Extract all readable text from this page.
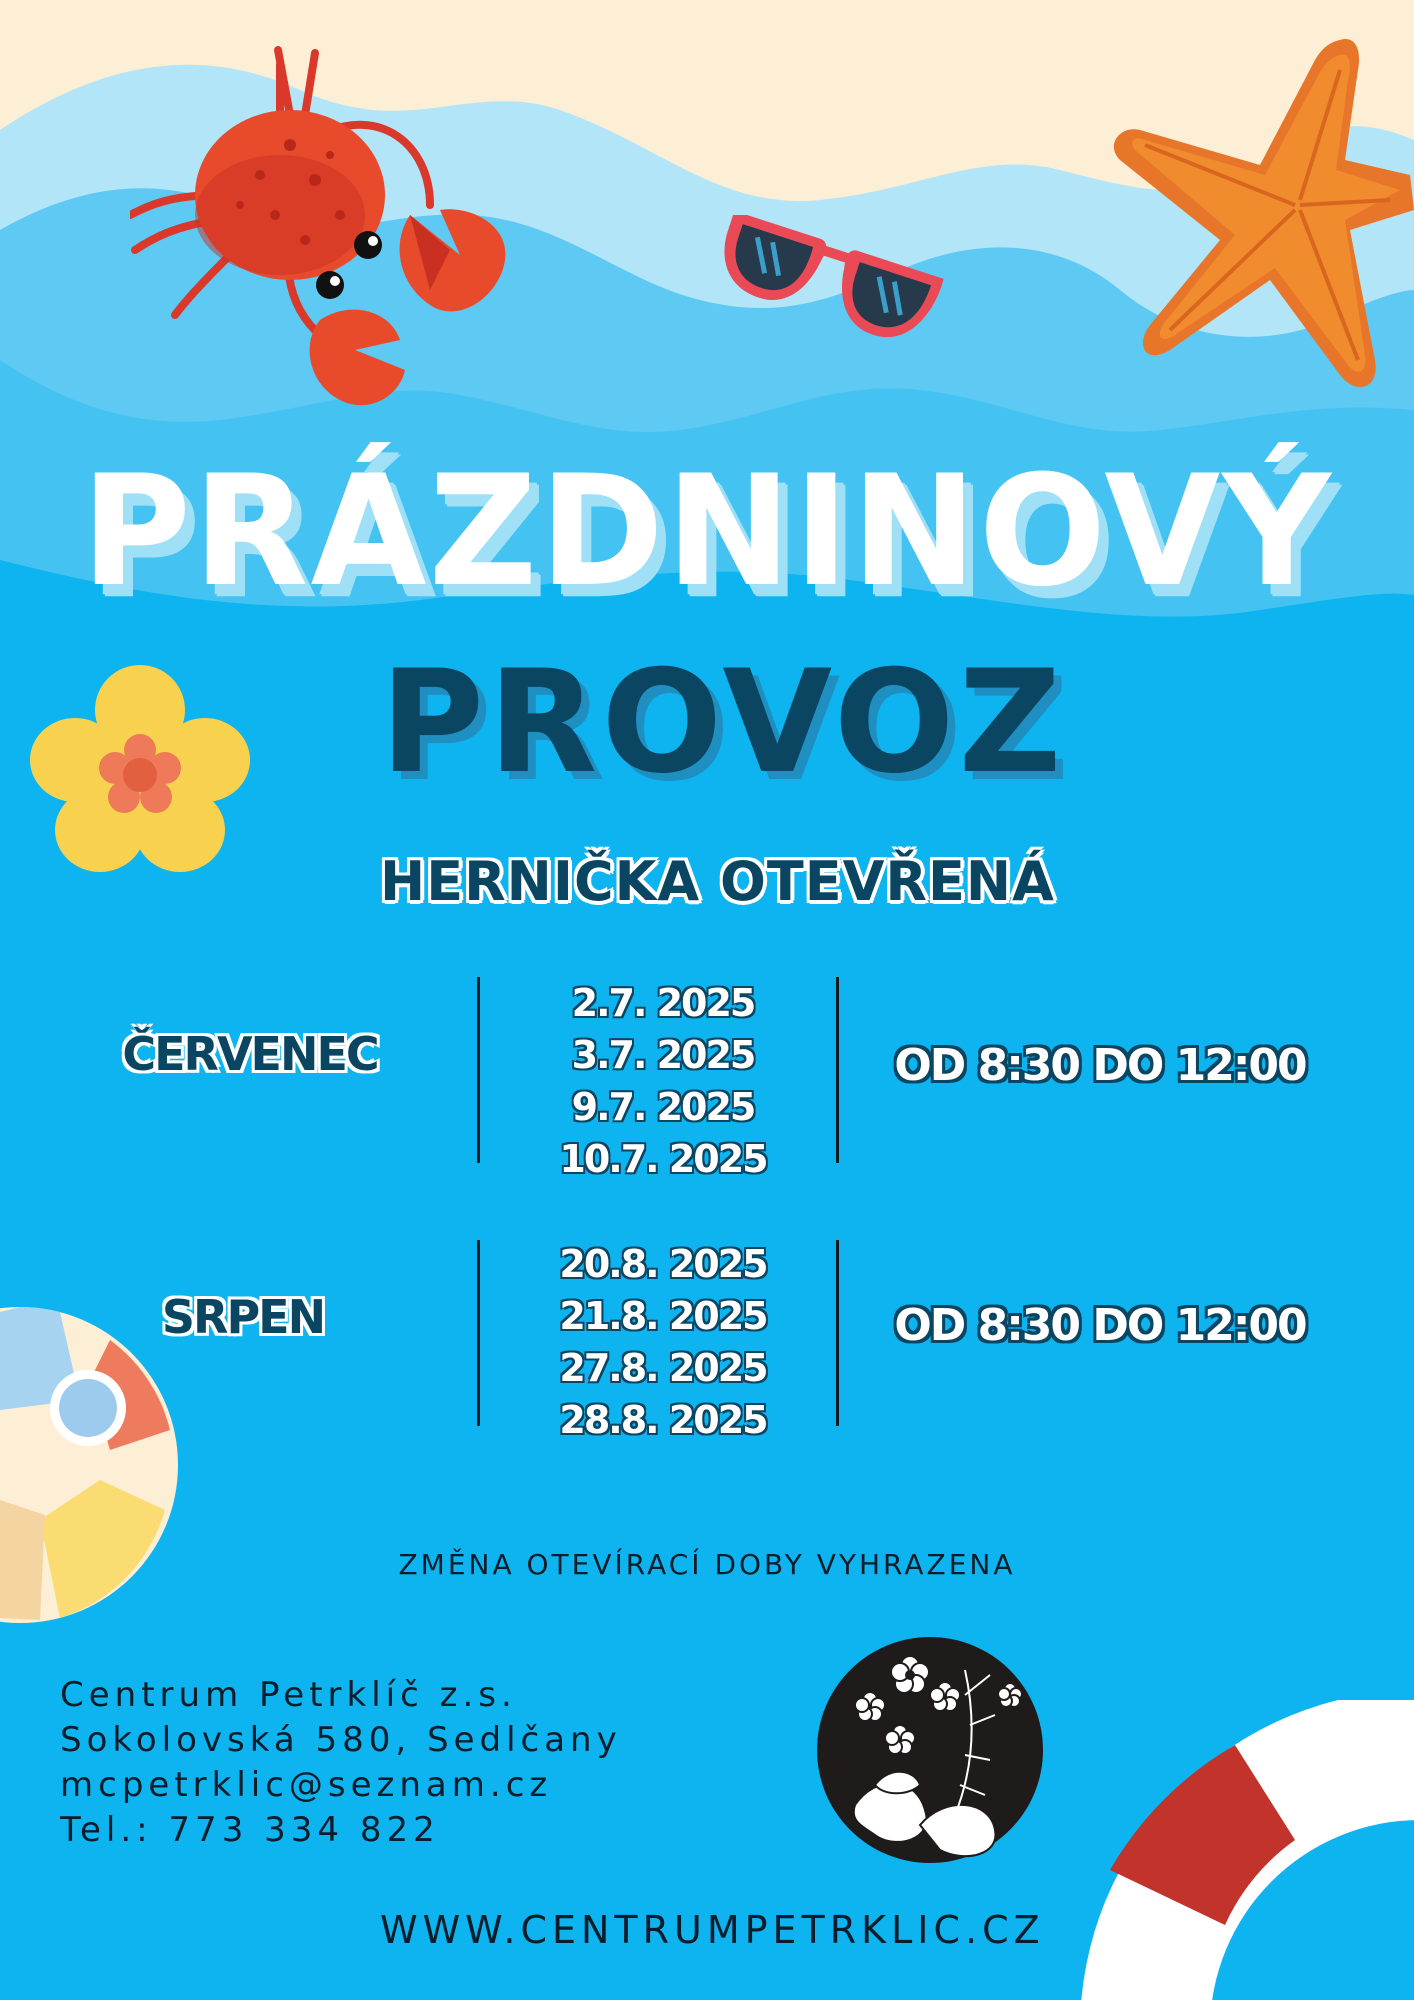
PRÁZDNINOVÝ
PROVOZ
HERNIČKA OTEVŘENÁ
ČERVENEC
2.7. 2025
3.7. 2025
9.7. 2025
10.7. 2025
OD 8:30 DO 12:00
SRPEN
20.8. 2025
21.8. 2025
27.8. 2025
28.8. 2025
OD 8:30 DO 12:00
ZMĚNA OTEVÍRACÍ DOBY VYHRAZENA
Centrum Petrklíč z.s.
Sokolovská 580, Sedlčany
mcpetrklic@seznam.cz
Tel.: 773 334 822
WWW.CENTRUMPETRKLIC.CZ
